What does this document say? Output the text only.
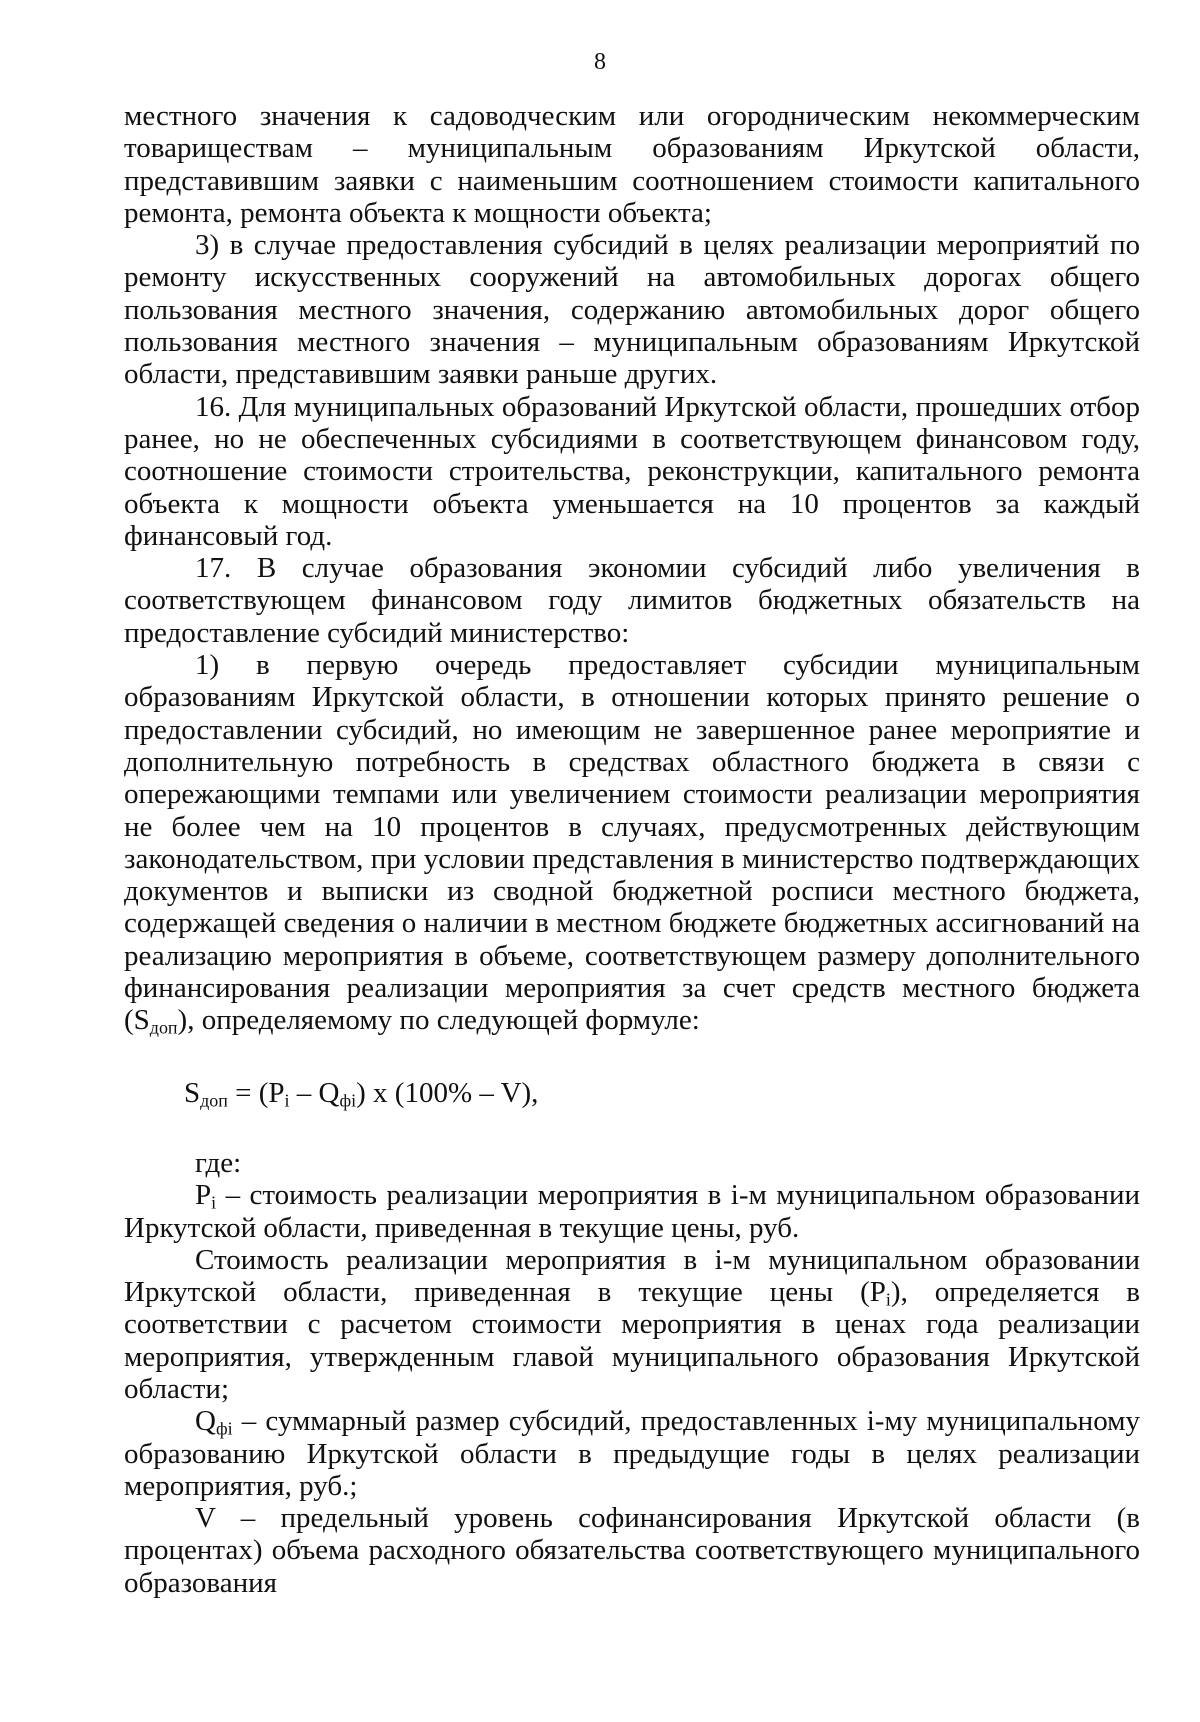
8

местного значения к садоводческим или огородническим некоммерческим товариществам – муниципальным образованиям Иркутской области, представившим заявки с наименьшим соотношением стоимости капитального ремонта, ремонта объекта к мощности объекта;

3) в случае предоставления субсидий в целях реализации мероприятий по ремонту искусственных сооружений на автомобильных дорогах общего пользования местного значения, содержанию автомобильных дорог общего пользования местного значения – муниципальным образованиям Иркутской области, представившим заявки раньше других.

16. Для муниципальных образований Иркутской области, прошедших отбор ранее, но не обеспеченных субсидиями в соответствующем финансовом году, соотношение стоимости строительства, реконструкции, капитального ремонта объекта к мощности объекта уменьшается на 10 процентов за каждый финансовый год.

17. В случае образования экономии субсидий либо увеличения в соответствующем финансовом году лимитов бюджетных обязательств на предоставление субсидий министерство:

1) в первую очередь предоставляет субсидии муниципальным образованиям Иркутской области, в отношении которых принято решение о предоставлении субсидий, но имеющим не завершенное ранее мероприятие и дополнительную потребность в средствах областного бюджета в связи с опережающими темпами или увеличением стоимости реализации мероприятия не более чем на 10 процентов в случаях, предусмотренных действующим законодательством, при условии представления в министерство подтверждающих документов и выписки из сводной бюджетной росписи местного бюджета, содержащей сведения о наличии в местном бюджете бюджетных ассигнований на реализацию мероприятия в объеме, соответствующем размеру дополнительного финансирования реализации мероприятия за счет средств местного бюджета $(S_{доп})$, определяемому по следующей формуле:

$S_{доп} = (P_i - Q_{фi})$ x (100% – V),

где:

$P_i$ – стоимость реализации мероприятия в i-м муниципальном образовании Иркутской области, приведенная в текущие цены, руб.

Стоимость реализации мероприятия в i-м муниципальном образовании Иркутской области, приведенная в текущие цены $(P_i)$, определяется в соответствии с расчетом стоимости мероприятия в ценах года реализации мероприятия, утвержденным главой муниципального образования Иркутской области;

$Q_{фi}$ – суммарный размер субсидий, предоставленных i-му муниципальному образованию Иркутской области в предыдущие годы в целях реализации мероприятия, руб.;

V – предельный уровень софинансирования Иркутской области (в процентах) объема расходного обязательства соответствующего муниципального образования
